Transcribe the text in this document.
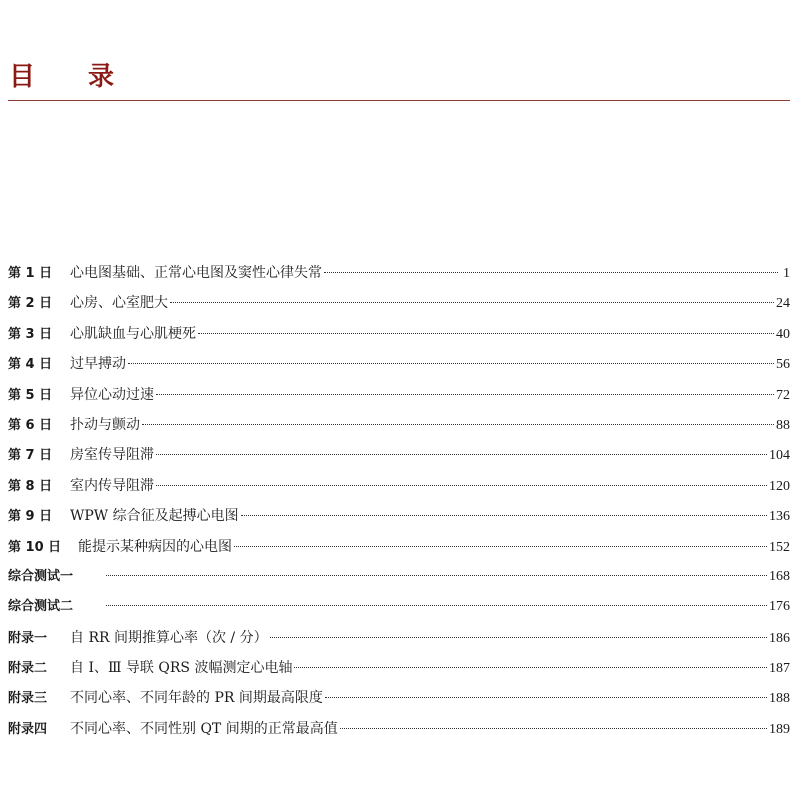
目 录
第 1 日	心电图基础、正常心电图及窦性心律失常	1
第 2 日	心房、心室肥大	24
第 3 日	心肌缺血与心肌梗死	40
第 4 日	过早搏动	56
第 5 日	异位心动过速	72
第 6 日	扑动与颤动	88
第 7 日	房室传导阻滞	104
第 8 日	室内传导阻滞	120
第 9 日	WPW 综合征及起搏心电图	136
第 10 日	能提示某种病因的心电图	152
综合测试一	168
综合测试二	176
附录一	自 RR 间期推算心率（次 / 分）	186
附录二	自 Ⅰ、Ⅲ 导联 QRS 波幅测定心电轴	187
附录三	不同心率、不同年龄的 PR 间期最高限度	188
附录四	不同心率、不同性别 QT 间期的正常最高值	189
